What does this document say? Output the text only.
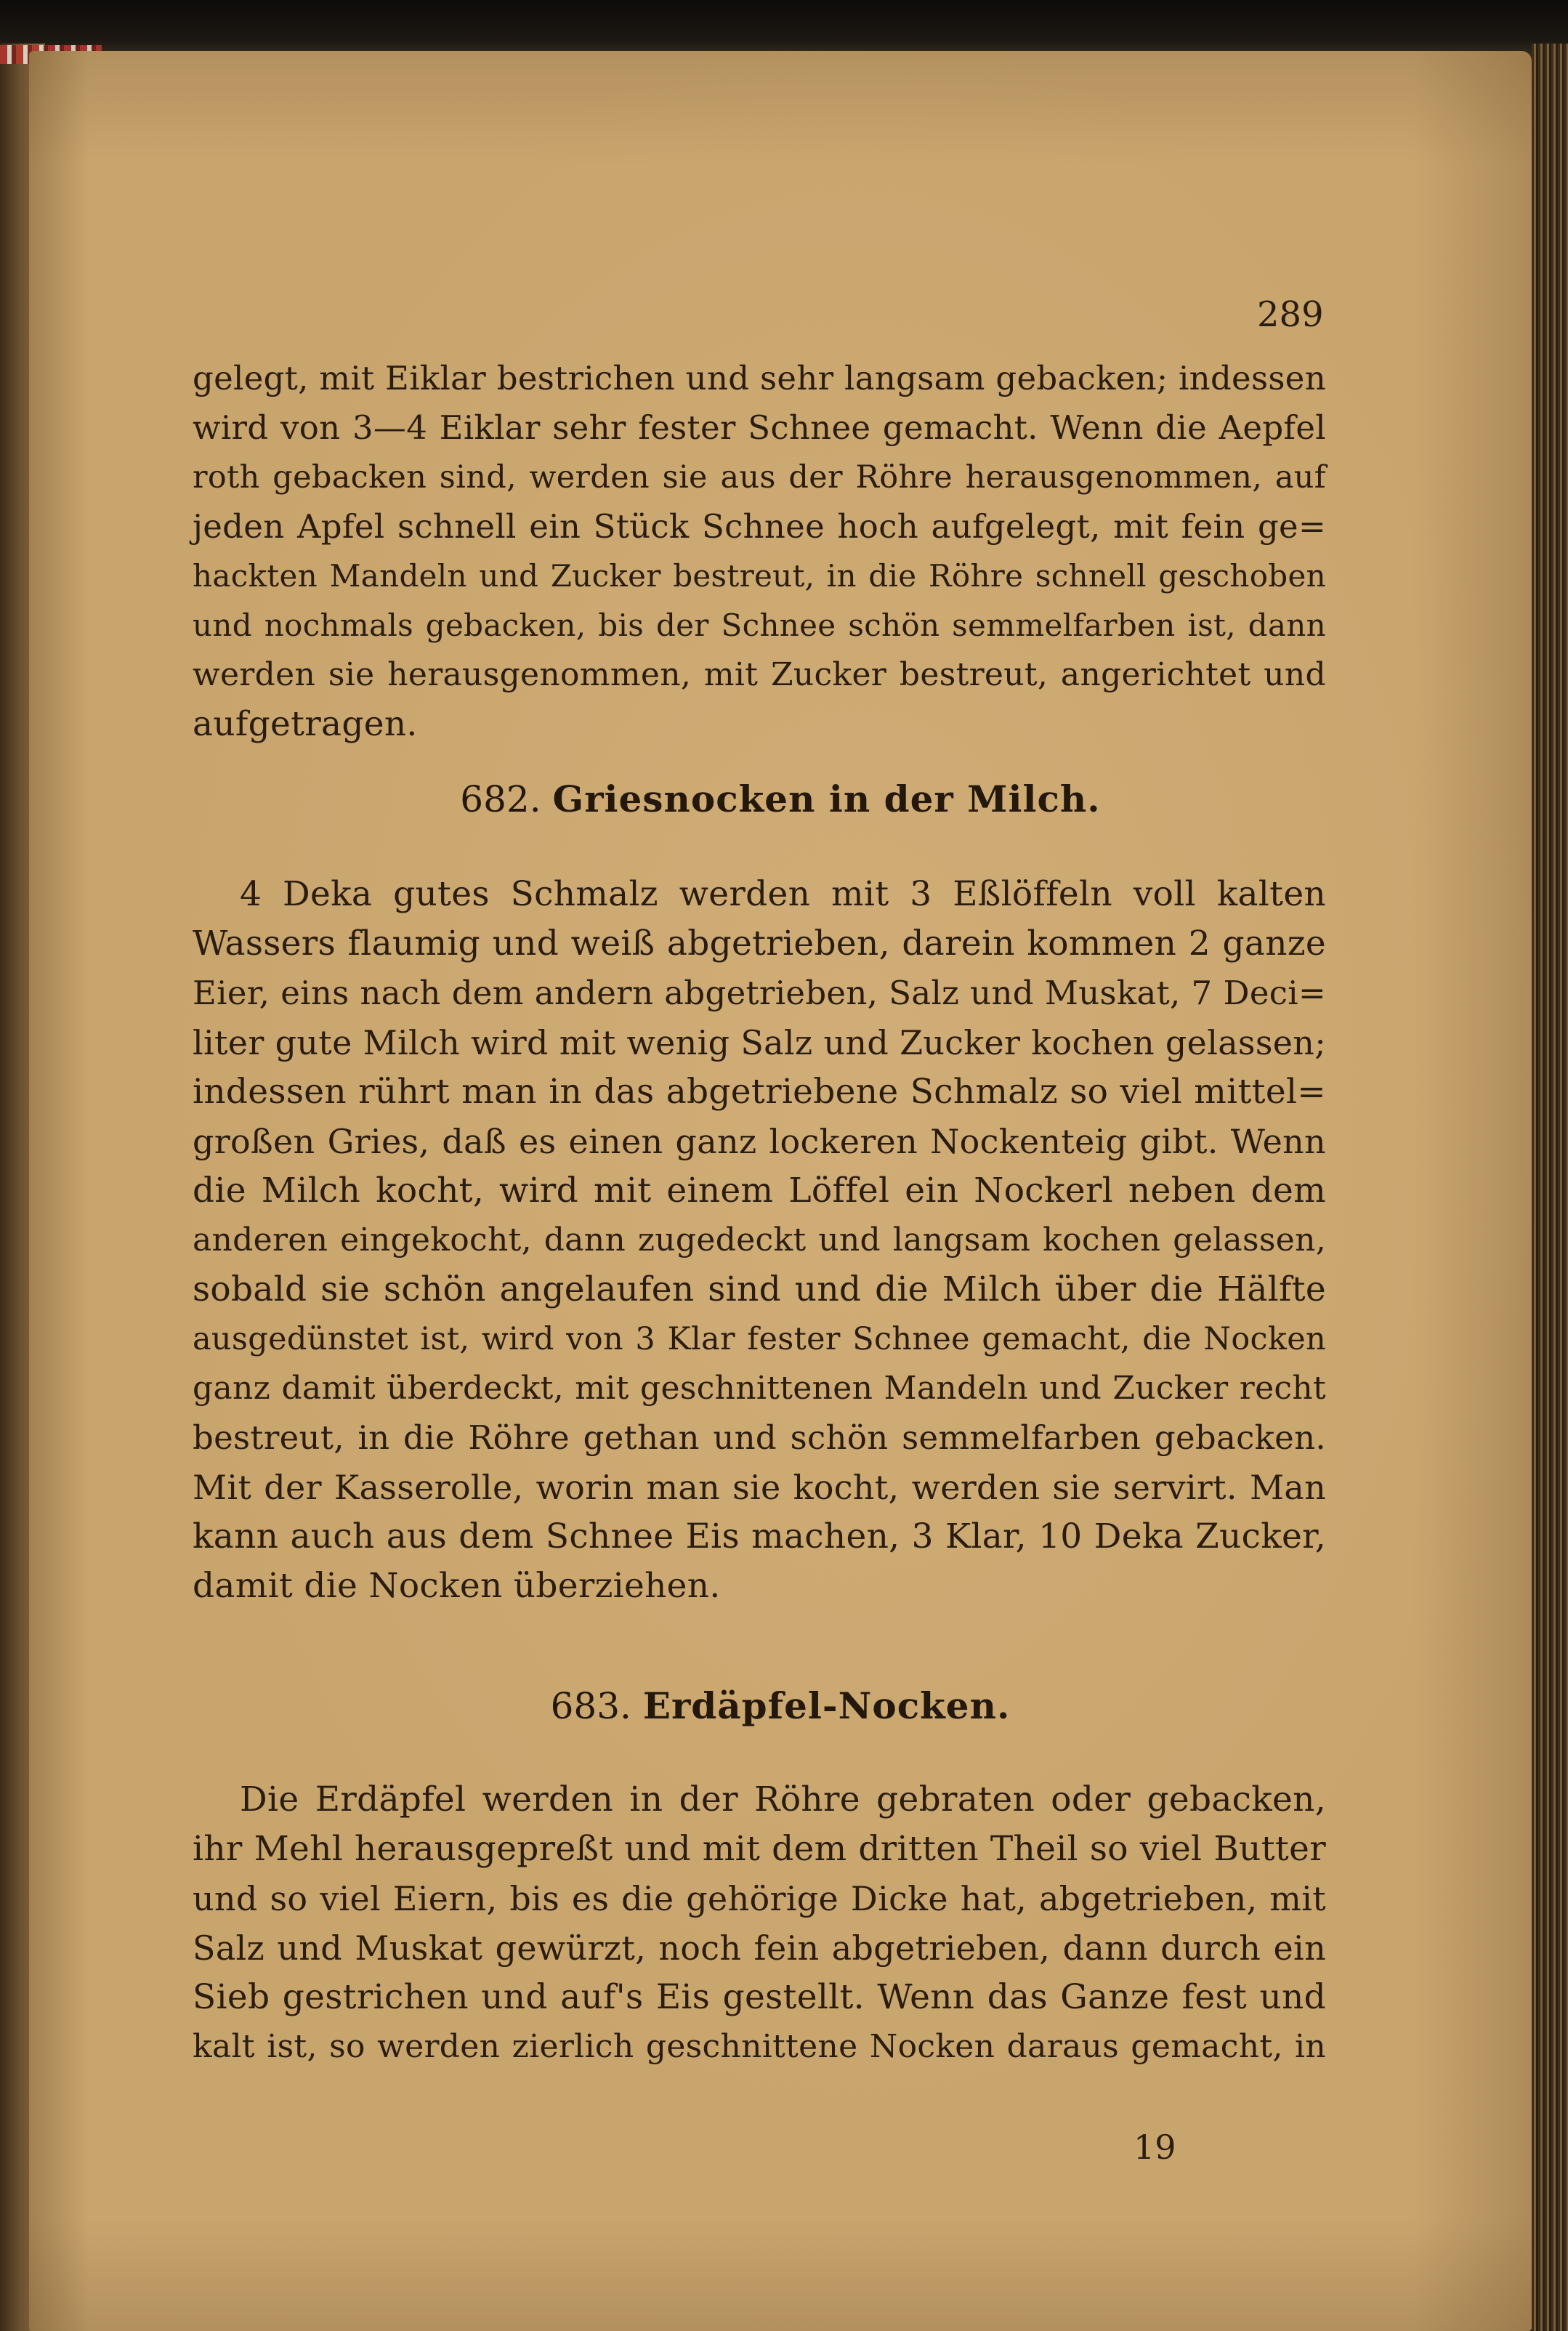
289
gelegt, mit Eiklar bestrichen und sehr langsam gebacken; indessen
wird von 3—4 Eiklar sehr fester Schnee gemacht. Wenn die Aepfel
roth gebacken sind, werden sie aus der Röhre herausgenommen, auf
jeden Apfel schnell ein Stück Schnee hoch aufgelegt, mit fein ge=
hackten Mandeln und Zucker bestreut, in die Röhre schnell geschoben
und nochmals gebacken, bis der Schnee schön semmelfarben ist, dann
werden sie herausgenommen, mit Zucker bestreut, angerichtet und
aufgetragen.
682. Griesnocken in der Milch.
4 Deka gutes Schmalz werden mit 3 Eßlöffeln voll kalten
Wassers flaumig und weiß abgetrieben, darein kommen 2 ganze
Eier, eins nach dem andern abgetrieben, Salz und Muskat, 7 Deci=
liter gute Milch wird mit wenig Salz und Zucker kochen gelassen;
indessen rührt man in das abgetriebene Schmalz so viel mittel=
großen Gries, daß es einen ganz lockeren Nockenteig gibt. Wenn
die Milch kocht, wird mit einem Löffel ein Nockerl neben dem
anderen eingekocht, dann zugedeckt und langsam kochen gelassen,
sobald sie schön angelaufen sind und die Milch über die Hälfte
ausgedünstet ist, wird von 3 Klar fester Schnee gemacht, die Nocken
ganz damit überdeckt, mit geschnittenen Mandeln und Zucker recht
bestreut, in die Röhre gethan und schön semmelfarben gebacken.
Mit der Kasserolle, worin man sie kocht, werden sie servirt. Man
kann auch aus dem Schnee Eis machen, 3 Klar, 10 Deka Zucker,
damit die Nocken überziehen.
683. Erdäpfel-Nocken.
Die Erdäpfel werden in der Röhre gebraten oder gebacken,
ihr Mehl herausgepreßt und mit dem dritten Theil so viel Butter
und so viel Eiern, bis es die gehörige Dicke hat, abgetrieben, mit
Salz und Muskat gewürzt, noch fein abgetrieben, dann durch ein
Sieb gestrichen und auf's Eis gestellt. Wenn das Ganze fest und
kalt ist, so werden zierlich geschnittene Nocken daraus gemacht, in
19
